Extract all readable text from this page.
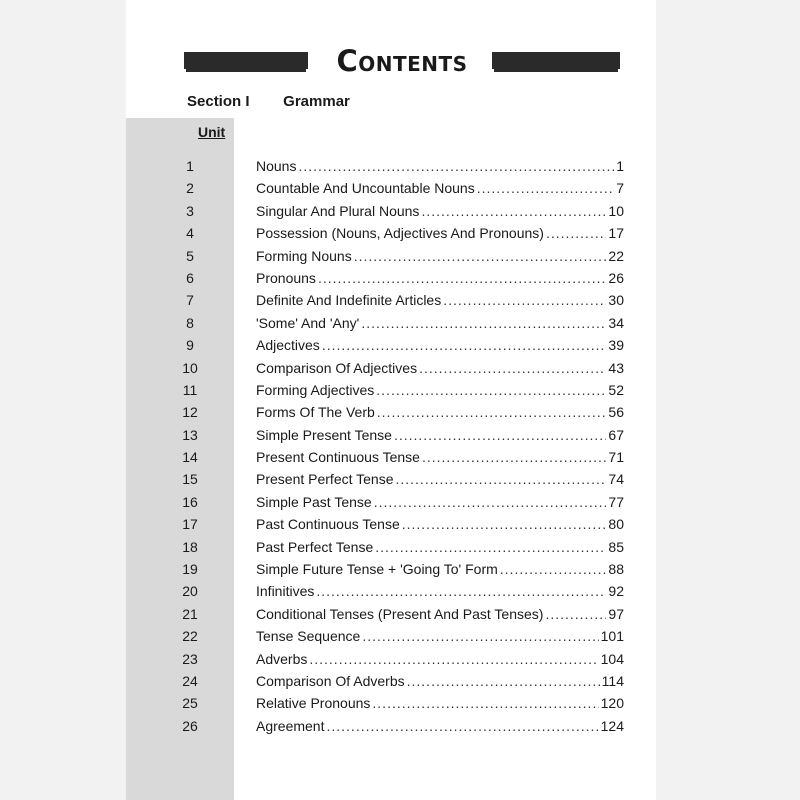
Contents
Section I Grammar
Unit
1	Nouns .....	1
2	Countable And Uncountable Nouns .....	7
3	Singular And Plural Nouns .....	10
4	Possession (Nouns, Adjectives And Pronouns) .....	17
5	Forming Nouns .....	22
6	Pronouns .....	26
7	Definite And Indefinite Articles .....	30
8	'Some' And 'Any' .....	34
9	Adjectives .....	39
10	Comparison Of Adjectives .....	43
11	Forming Adjectives .....	52
12	Forms Of The Verb .....	56
13	Simple Present Tense .....	67
14	Present Continuous Tense .....	71
15	Present Perfect Tense .....	74
16	Simple Past Tense .....	77
17	Past Continuous Tense .....	80
18	Past Perfect Tense .....	85
19	Simple Future Tense + 'Going To' Form .....	88
20	Infinitives .....	92
21	Conditional Tenses (Present And Past Tenses) .....	97
22	Tense Sequence .....	101
23	Adverbs .....	104
24	Comparison Of Adverbs .....	114
25	Relative Pronouns .....	120
26	Agreement .....	124
